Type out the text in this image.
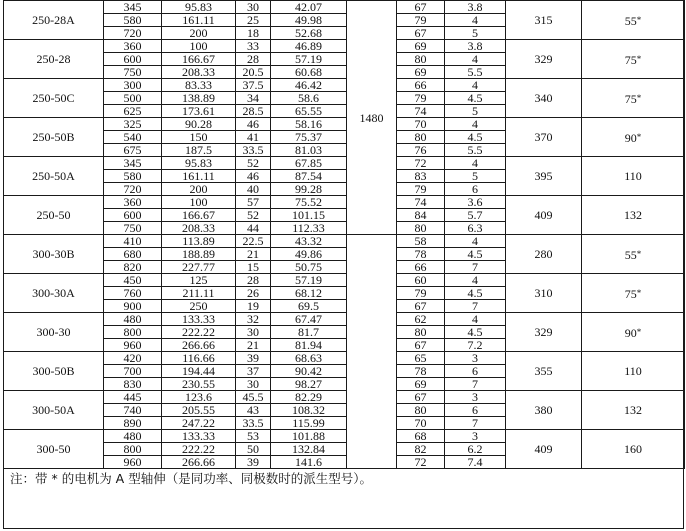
250-28A	345	95.83	30	42.07	1480	67	3.8	315	55*	
	580	161.11	25	49.98		79	4			
	720	200	18	52.68		67	5			
250-28	360	100	33	46.89		69	3.8	329	75*	
	600	166.67	28	57.19		80	4			
	750	208.33	20.5	60.68		69	5.5			
250-50C	300	83.33	37.5	46.42		66	4	340	75*	
	500	138.89	34	58.6		79	4.5			
	625	173.61	28.5	65.55		74	5			
250-50B	325	90.28	46	58.16		70	4	370	90*	
	540	150	41	75.37		80	4.5			
	675	187.5	33.5	81.03		76	5.5			
250-50A	345	95.83	52	67.85		72	4	395	110	
	580	161.11	46	87.54		83	5			
	720	200	40	99.28		79	6			
250-50	360	100	57	75.52		74	3.6	409	132	
	600	166.67	52	101.15		84	5.7			
	750	208.33	44	112.33		80	6.3			
300-30B	410	113.89	22.5	43.32		58	4	280	55*	
	680	188.89	21	49.86		78	4.5			
	820	227.77	15	50.75		66	7			
300-30A	450	125	28	57.19		60	4	310	75*	
	760	211.11	26	68.12		79	4.5			
	900	250	19	69.5		67	7			
300-30	480	133.33	32	67.47		62	4	329	90*	
	800	222.22	30	81.7		80	4.5			
	960	266.66	21	81.94		67	7.2			
300-50B	420	116.66	39	68.63		65	3	355	110	
	700	194.44	37	90.42		78	6			
	830	230.55	30	98.27		69	7			
300-50A	445	123.6	45.5	82.29		67	3	380	132	
	740	205.55	43	108.32		80	6			
	890	247.22	33.5	115.99		70	7			
300-50	480	133.33	53	101.88		68	3	409	160	
	800	222.22	50	132.84		82	6.2			
	960	266.66	39	141.6		72	7.4			
注：带 * 的电机为 A 型轴伸（是同功率、同极数时的派生型号）。
